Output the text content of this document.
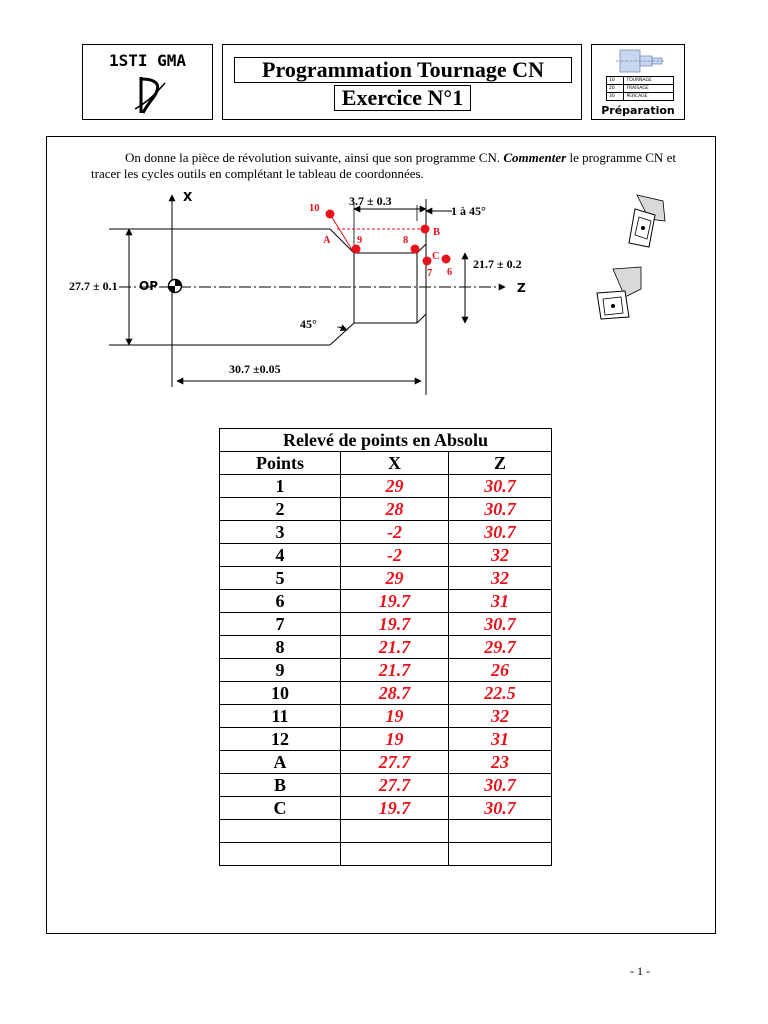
1STI GMA	Programmation Tournage CN
Exercice N°1
10	TOURNAGE
20	FRAISAGE
30	PERCAGE
Préparation
On donne la pièce de révolution suivante, ainsi que son programme CN. Commenter le programme CN et tracer les cycles outils en complétant le tableau de coordonnées.
X
Z
OP
27.7 ± 0.1
30.7 ±0.05
3.7 ± 0.3
1 à 45°
21.7 ± 0.2
45°
10
A	9	8
B
C
7 6
Relevé de points en Absolu		
Points	X	Z
1	29	30.7
2	28	30.7
3	-2	30.7
4	-2	32
5	29	32
6	19.7	31
7	19.7	30.7
8	21.7	29.7
9	21.7	26
10	28.7	22.5
11	19	32
12	19	31
A	27.7	23
B	27.7	30.7
C	19.7	30.7

- 1 -
